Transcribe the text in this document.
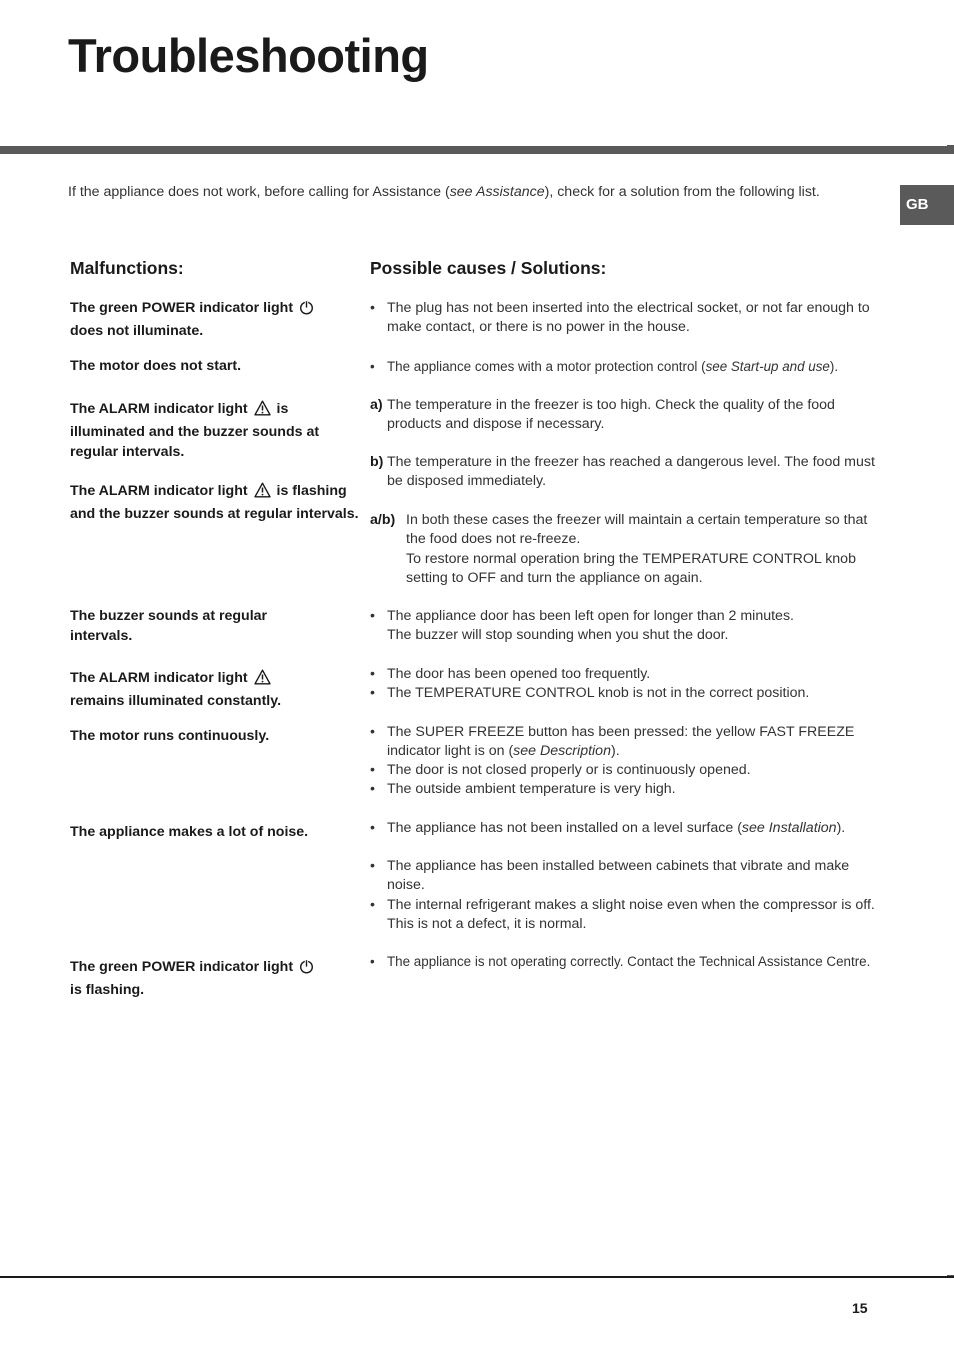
Troubleshooting
If the appliance does not work, before calling for Assistance (see Assistance), check for a solution from the following list.
GB
Malfunctions:	Possible causes / Solutions:
The green POWER indicator light
does not illuminate.
The motor does not start.
The ALARM indicator light is illuminated and the buzzer sounds at regular intervals.
The ALARM indicator light is flashing and the buzzer sounds at regular intervals.
The buzzer sounds at regular intervals.
The ALARM indicator light
remains illuminated constantly.
The motor runs continuously.
The appliance makes a lot of noise.
The green POWER indicator light
is flashing.
• The plug has not been inserted into the electrical socket, or not far enough to make contact, or there is no power in the house.
• The appliance comes with a motor protection control (see Start-up and use).
a) The temperature in the freezer is too high. Check the quality of the food products and dispose if necessary.
b) The temperature in the freezer has reached a dangerous level. The food must be disposed immediately.
a/b) In both these cases the freezer will maintain a certain temperature so that the food does not re-freeze.
To restore normal operation bring the TEMPERATURE CONTROL knob setting to OFF and turn the appliance on again.
• The appliance door has been left open for longer than 2 minutes.
The buzzer will stop sounding when you shut the door.
• The door has been opened too frequently.
• The TEMPERATURE CONTROL knob is not in the correct position.
• The SUPER FREEZE button has been pressed: the yellow FAST FREEZE indicator light is on (see Description).
• The door is not closed properly or is continuously opened.
• The outside ambient temperature is very high.
• The appliance has not been installed on a level surface (see Installation).
• The appliance has been installed between cabinets that vibrate and make noise.
• The internal refrigerant makes a slight noise even when the compressor is off. This is not a defect, it is normal.
• The appliance is not operating correctly. Contact the Technical Assistance Centre.
15
